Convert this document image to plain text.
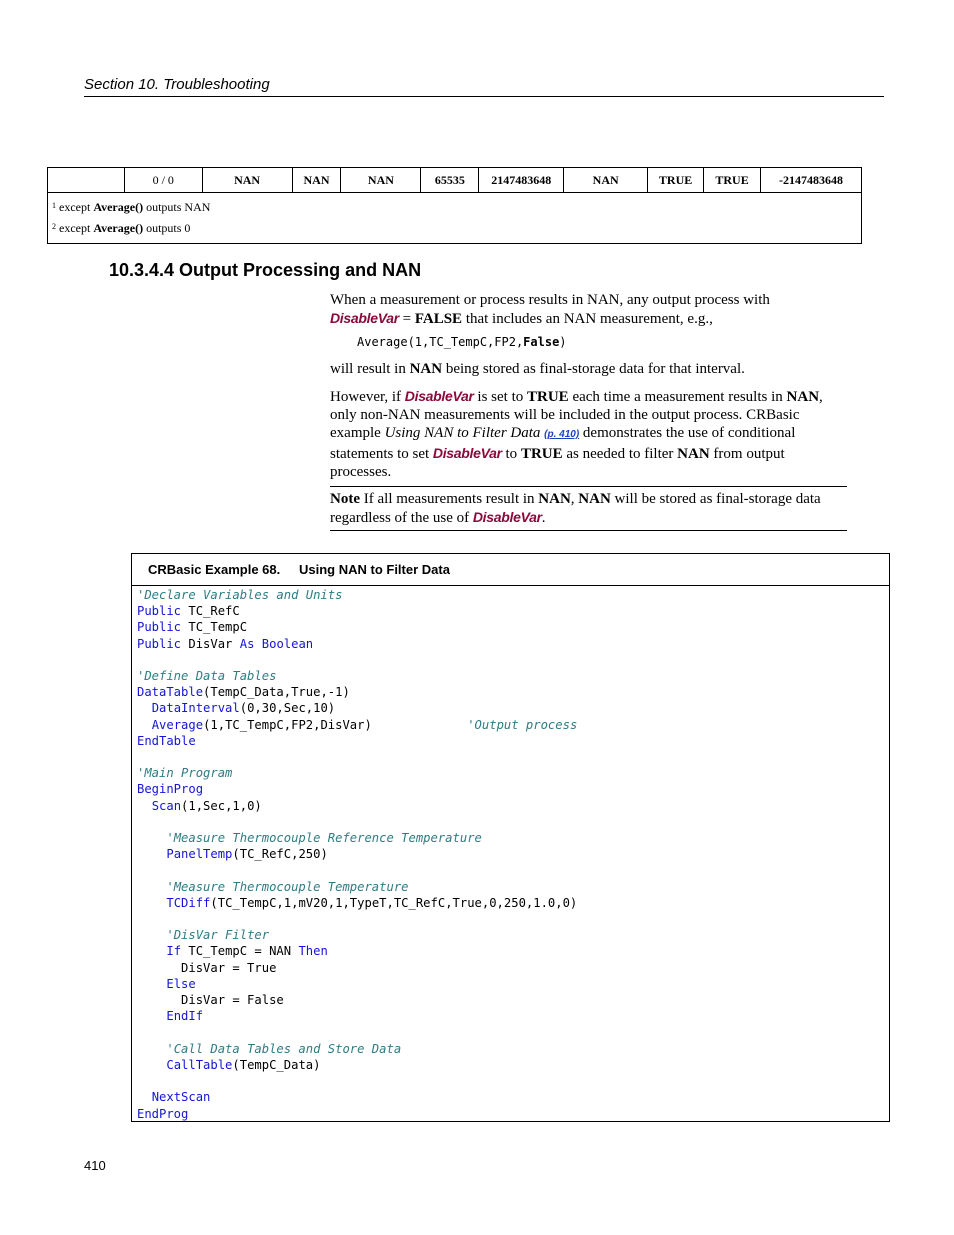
Section 10. Troubleshooting
	0 / 0	NAN	NAN	NAN	65535	2147483648	NAN	TRUE	TRUE	-2147483648

$^1$ except Average() outputs NAN
$^2$ except Average() outputs 0
10.3.4.4 Output Processing and NAN
When a measurement or process results in NAN, any output process with
DisableVar = FALSE that includes an NAN measurement, e.g.,
Average(1,TC_TempC,FP2,False)
will result in NAN being stored as final-storage data for that interval.
However, if DisableVar is set to TRUE each time a measurement results in NAN, only non-NAN measurements will be included in the output process. CRBasic example Using NAN to Filter Data (p. 410) demonstrates the use of conditional statements to set DisableVar to TRUE as needed to filter NAN from output processes.
Note If all measurements result in NAN, NAN will be stored as final-storage data regardless of the use of DisableVar.
CRBasic Example 68. Using NAN to Filter Data
'Declare Variables and Units
Public TC_RefC
Public TC_TempC
Public DisVar As Boolean

'Define Data Tables
DataTable(TempC_Data,True,-1)
DataInterval(0,30,Sec,10)
Average(1,TC_TempC,FP2,DisVar)             'Output process
EndTable

'Main Program
BeginProg
Scan(1,Sec,1,0)

'Measure Thermocouple Reference Temperature
PanelTemp(TC_RefC,250)

'Measure Thermocouple Temperature
TCDiff(TC_TempC,1,mV20,1,TypeT,TC_RefC,True,0,250,1.0,0)

'DisVar Filter
If TC_TempC = NAN Then
DisVar = True
Else
DisVar = False
EndIf

'Call Data Tables and Store Data
CallTable(TempC_Data)

NextScan
EndProg
410
